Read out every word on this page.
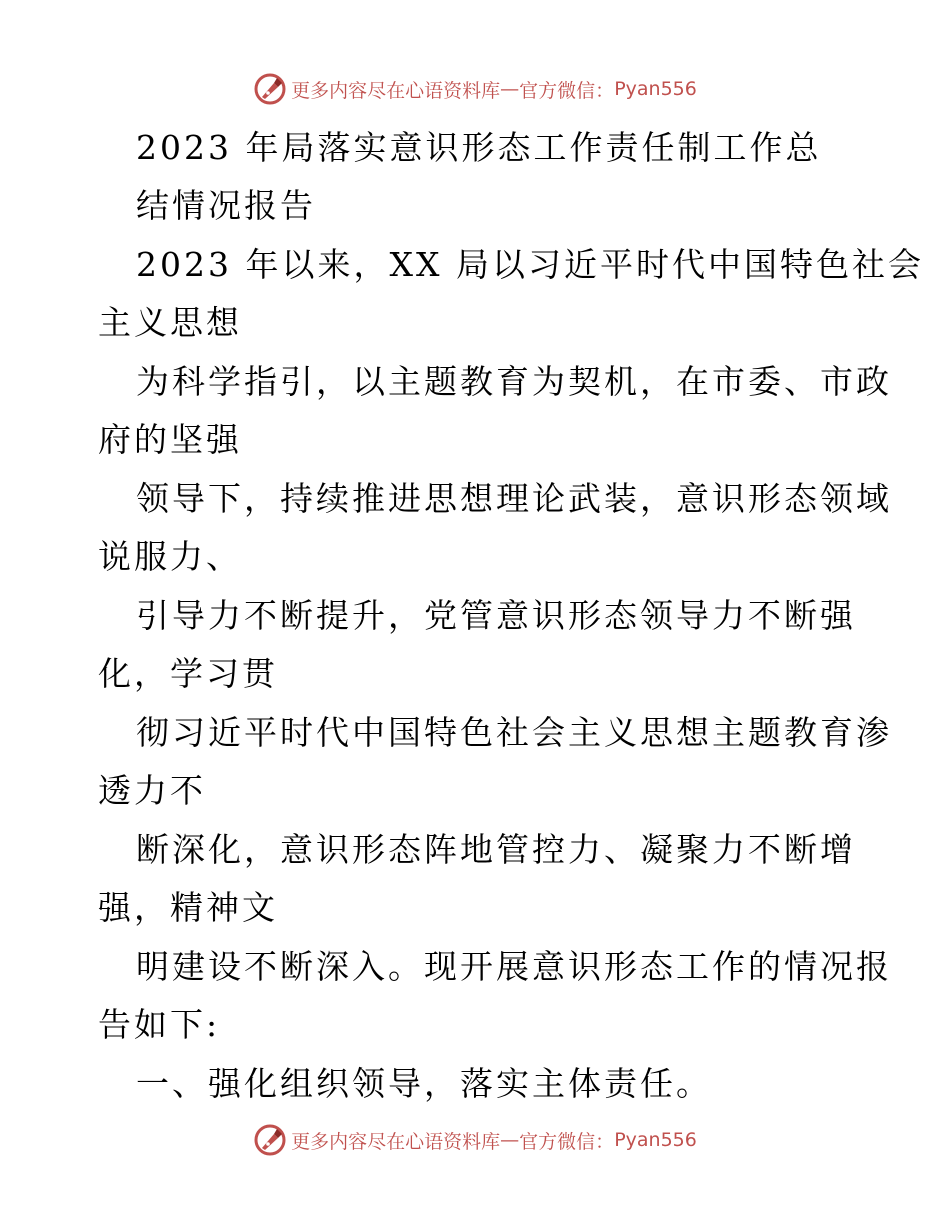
更多内容尽在心语资料库 — 官方微信： Pyan556
2023 年局落实意识形态工作责任制工作总
结情况报告
2023 年以来，XX 局以习近平时代中国特色社会
主义思想
为科学指引，以主题教育为契机，在市委、市政
府的坚强
领导下，持续推进思想理论武装，意识形态领域
说服力、
引导力不断提升，党管意识形态领导力不断强
化，学习贯
彻习近平时代中国特色社会主义思想主题教育渗
透力不
断深化，意识形态阵地管控力、凝聚力不断增
强，精神文
明建设不断深入。现开展意识形态工作的情况报
告如下:
一、强化组织领导，落实主体责任。
更多内容尽在心语资料库 — 官方微信： Pyan556
